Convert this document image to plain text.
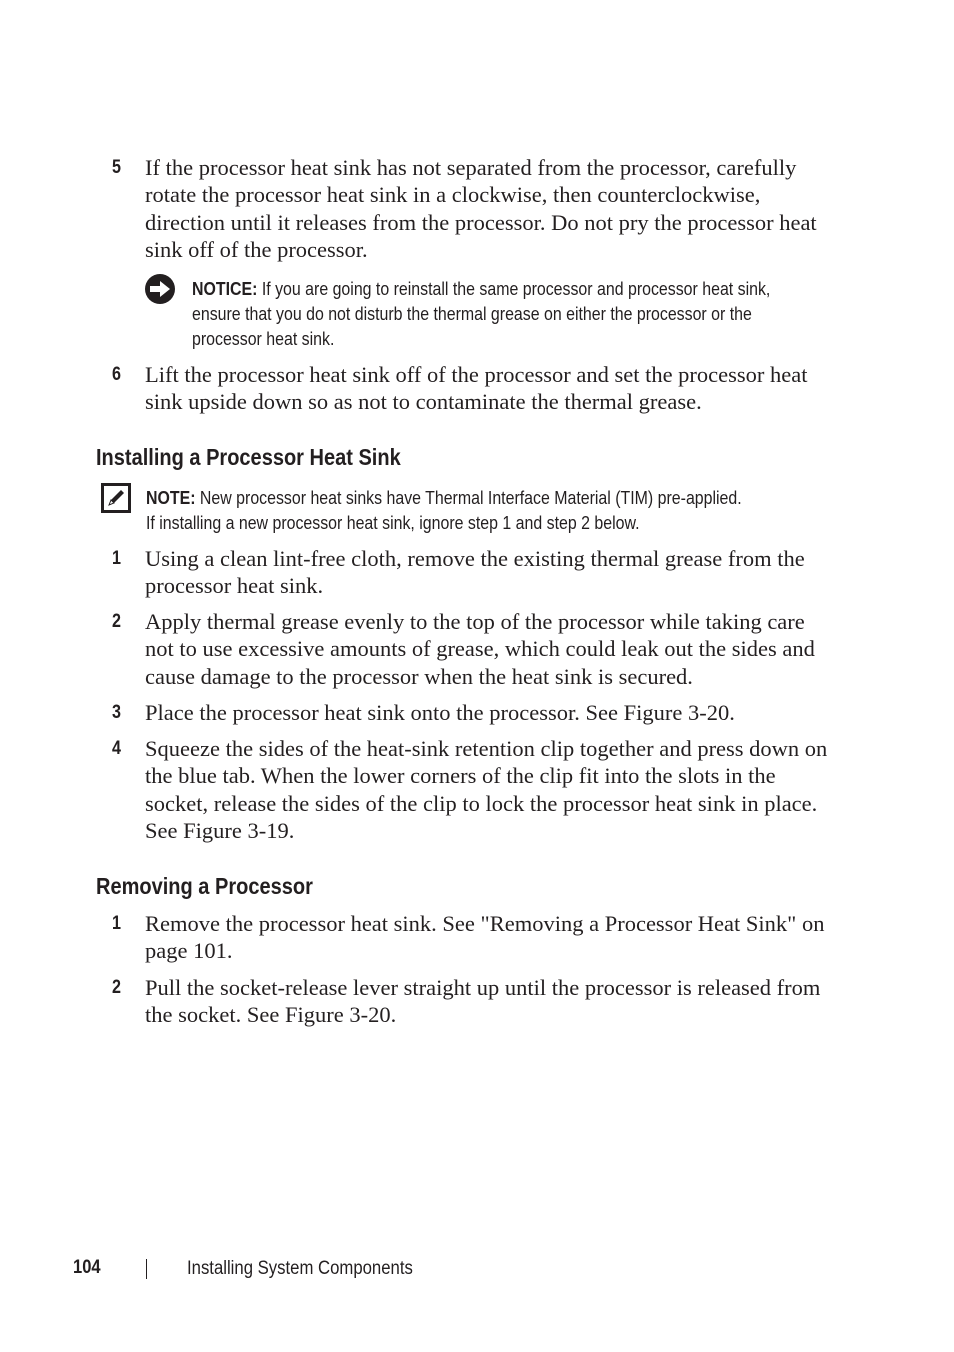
5 If the processor heat sink has not separated from the processor, carefully rotate the processor heat sink in a clockwise, then counterclockwise, direction until it releases from the processor. Do not pry the processor heat sink off of the processor.
NOTICE: If you are going to reinstall the same processor and processor heat sink, ensure that you do not disturb the thermal grease on either the processor or the processor heat sink.
6 Lift the processor heat sink off of the processor and set the processor heat sink upside down so as not to contaminate the thermal grease.
Installing a Processor Heat Sink
NOTE: New processor heat sinks have Thermal Interface Material (TIM) pre-applied. If installing a new processor heat sink, ignore step 1 and step 2 below.
1 Using a clean lint-free cloth, remove the existing thermal grease from the processor heat sink.
2 Apply thermal grease evenly to the top of the processor while taking care not to use excessive amounts of grease, which could leak out the sides and cause damage to the processor when the heat sink is secured.
3 Place the processor heat sink onto the processor. See Figure 3-20.
4 Squeeze the sides of the heat-sink retention clip together and press down on the blue tab. When the lower corners of the clip fit into the slots in the socket, release the sides of the clip to lock the processor heat sink in place. See Figure 3-19.
Removing a Processor
1 Remove the processor heat sink. See "Removing a Processor Heat Sink" on page 101.
2 Pull the socket-release lever straight up until the processor is released from the socket. See Figure 3-20.
104	Installing System Components
